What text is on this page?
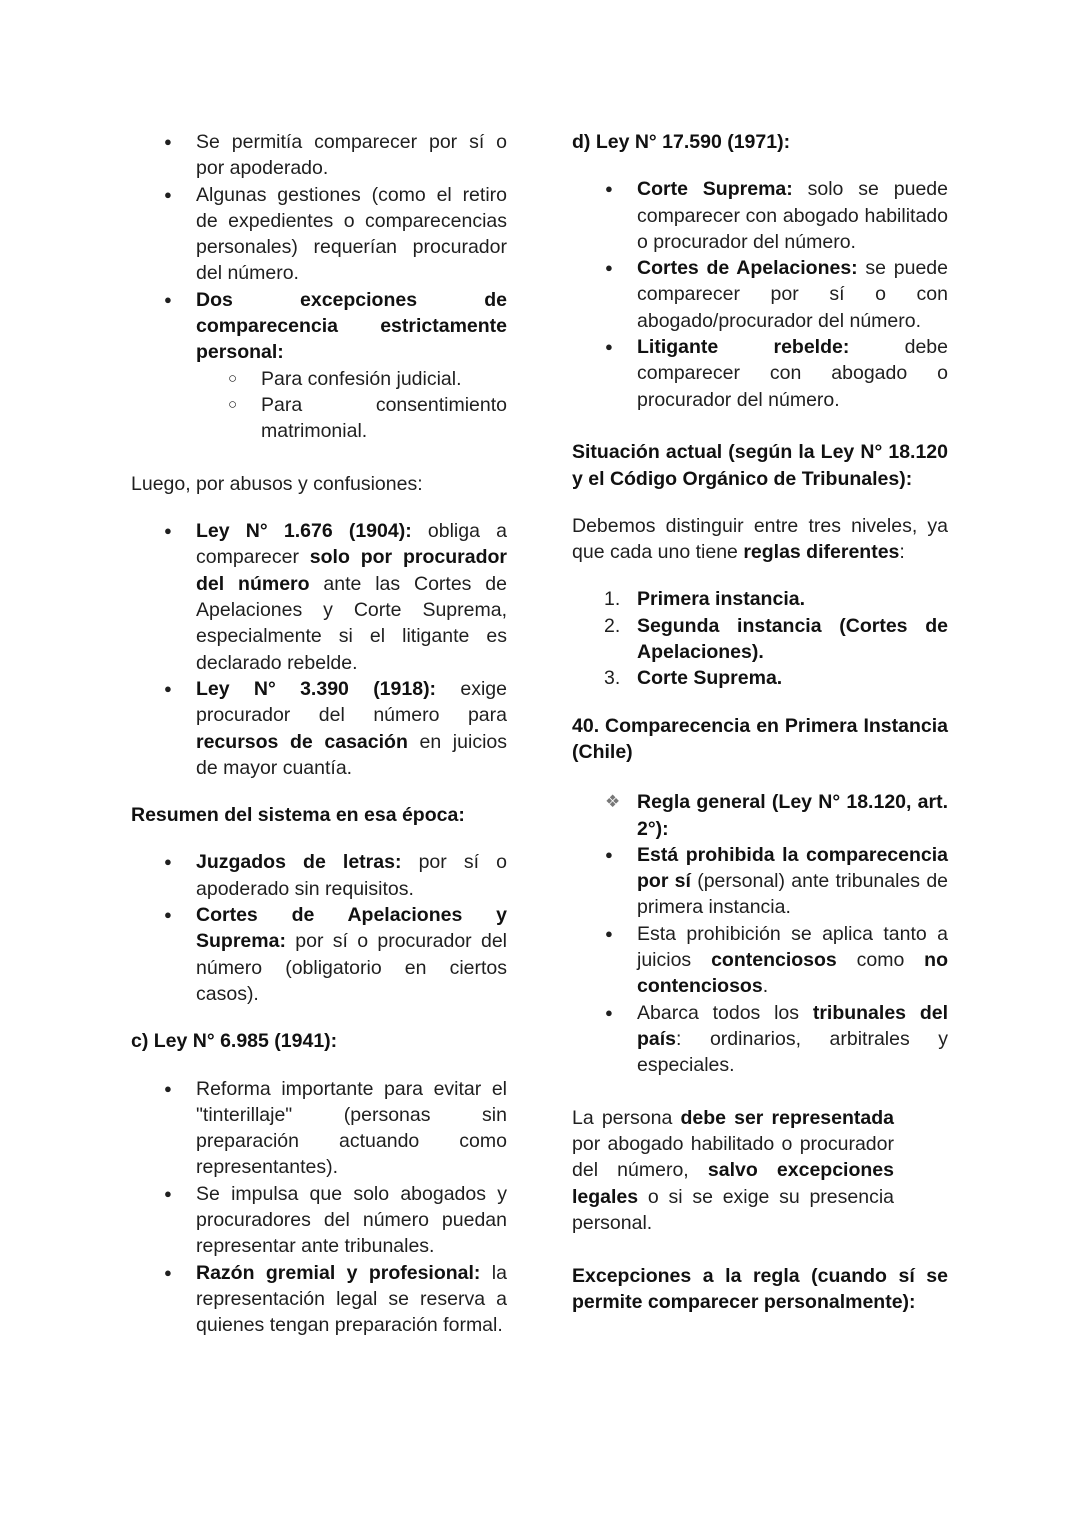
●
Se permitía comparecer por sí o por apoderado.
●
Algunas gestiones (como el retiro de expedientes o comparecencias personales) requerían procurador del número.
●
Dos excepciones de comparecencia estrictamente personal:
○
Para confesión judicial.
○
Para consentimiento matrimonial.

Luego, por abusos y confusiones:

●
Ley N° 1.676 (1904): obliga a comparecer solo por procurador del número ante las Cortes de Apelaciones y Corte Suprema, especialmente si el litigante es declarado rebelde.
●
Ley N° 3.390 (1918): exige procurador del número para recursos de casación en juicios de mayor cuantía.

Resumen del sistema en esa época:

●
Juzgados de letras: por sí o apoderado sin requisitos.
●
Cortes de Apelaciones y Suprema: por sí o procurador del número (obligatorio en ciertos casos).

c) Ley N° 6.985 (1941):

●
Reforma importante para evitar el "tinterillaje" (personas sin preparación actuando como representantes).
●
Se impulsa que solo abogados y procuradores del número puedan representar ante tribunales.
●
Razón gremial y profesional: la representación legal se reserva a quienes tengan preparación formal.

d) Ley N° 17.590 (1971):

●
Corte Suprema: solo se puede comparecer con abogado habilitado o procurador del número.
●
Cortes de Apelaciones: se puede comparecer por sí o con abogado/procurador del número.
●
Litigante rebelde: debe comparecer con abogado o procurador del número.

Situación actual (según la Ley N° 18.120 y el Código Orgánico de Tribunales):

Debemos distinguir entre tres niveles, ya que cada uno tiene reglas diferentes:

1. Primera instancia.
2. Segunda instancia (Cortes de Apelaciones).
3. Corte Suprema.

40. Comparecencia en Primera Instancia (Chile)

❖
Regla general (Ley N° 18.120, art. 2°):
●
Está prohibida la comparecencia por sí (personal) ante tribunales de primera instancia.
●
Esta prohibición se aplica tanto a juicios contenciosos como no contenciosos.
●
Abarca todos los tribunales del país: ordinarios, arbitrales y especiales.

La persona debe ser representada por abogado habilitado o procurador del número, salvo excepciones legales o si se exige su presencia personal.

Excepciones a la regla (cuando sí se permite comparecer personalmente):
